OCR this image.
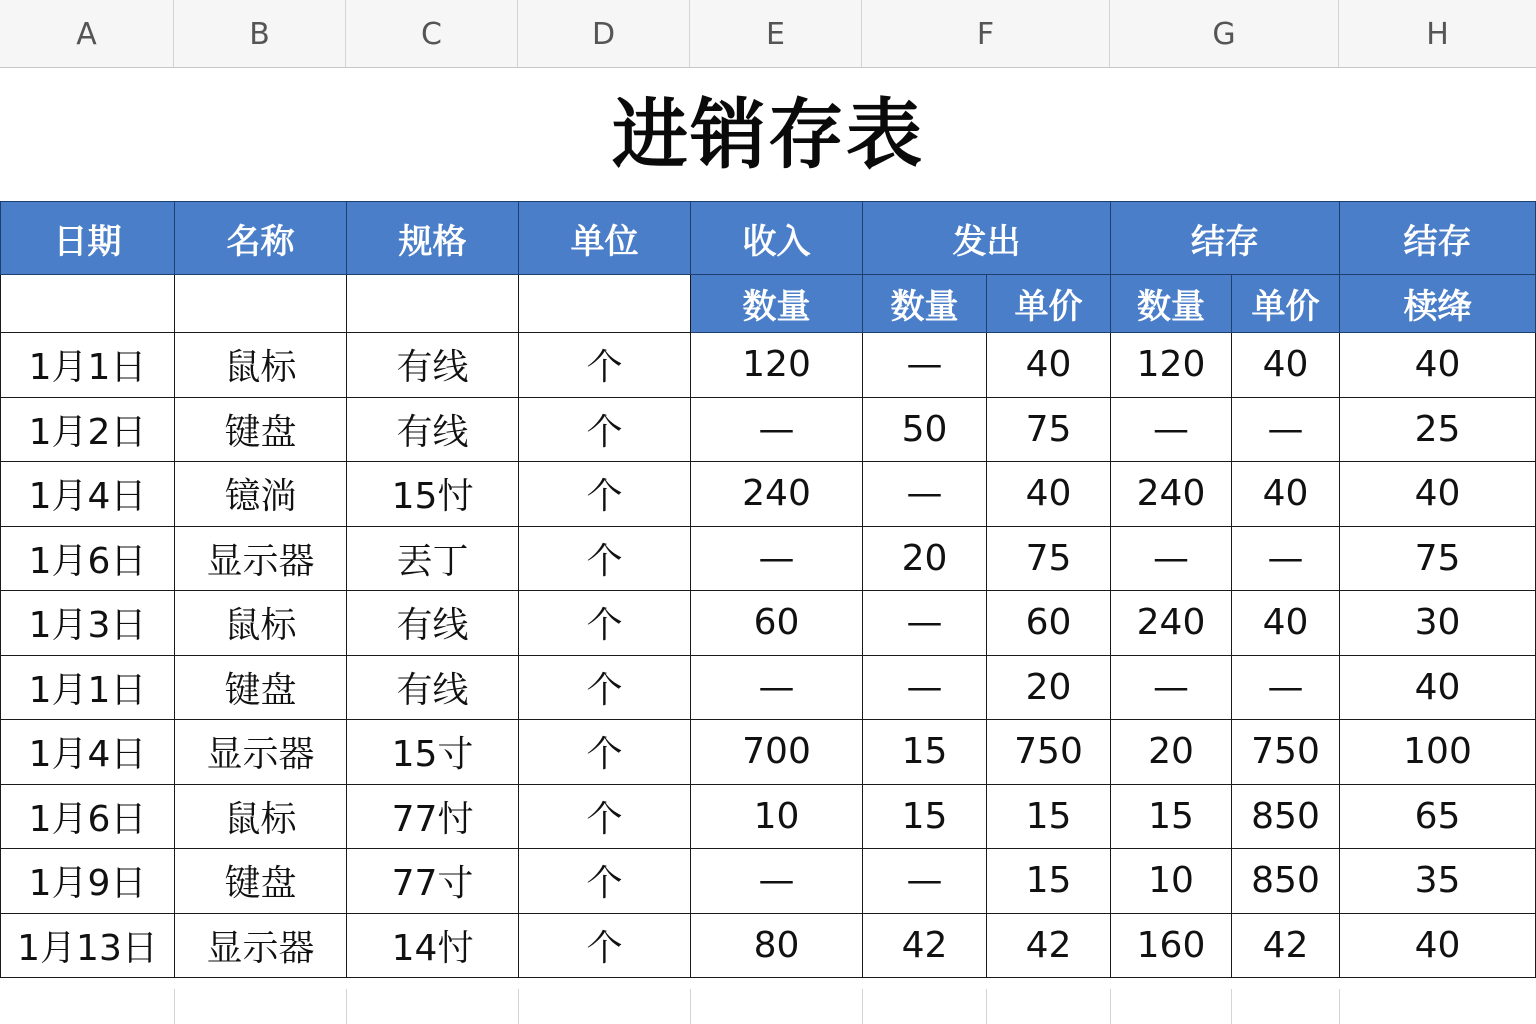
A	B	C	D	E	F	G	H
进销存表
日期	名称	规格	单位	收入	发出		结存		结存
				数量	数量	单价	数量	单价	椟绛
1月1日	鼠标	有线	个	120	—	40	120	40	40
1月2日	键盘	有线	个	—	50	75	—	—	25
1月4日	镱淌	15忖	个	240	—	40	240	40	40
1月6日	显示器	丟丁	个	—	20	75	—	—	75
1月3日	鼠标	有线	个	60	—	60	240	40	30
1月1日	键盘	有线	个	—	—	20	—	—	40
1月4日	显示器	15寸	个	700	15	750	20	750	100
1月6日	鼠标	77忖	个	10	15	15	15	850	65
1月9日	键盘	77寸	个	—	—	15	10	850	35
1月13日	显示器	14忖	个	80	42	42	160	42	40
